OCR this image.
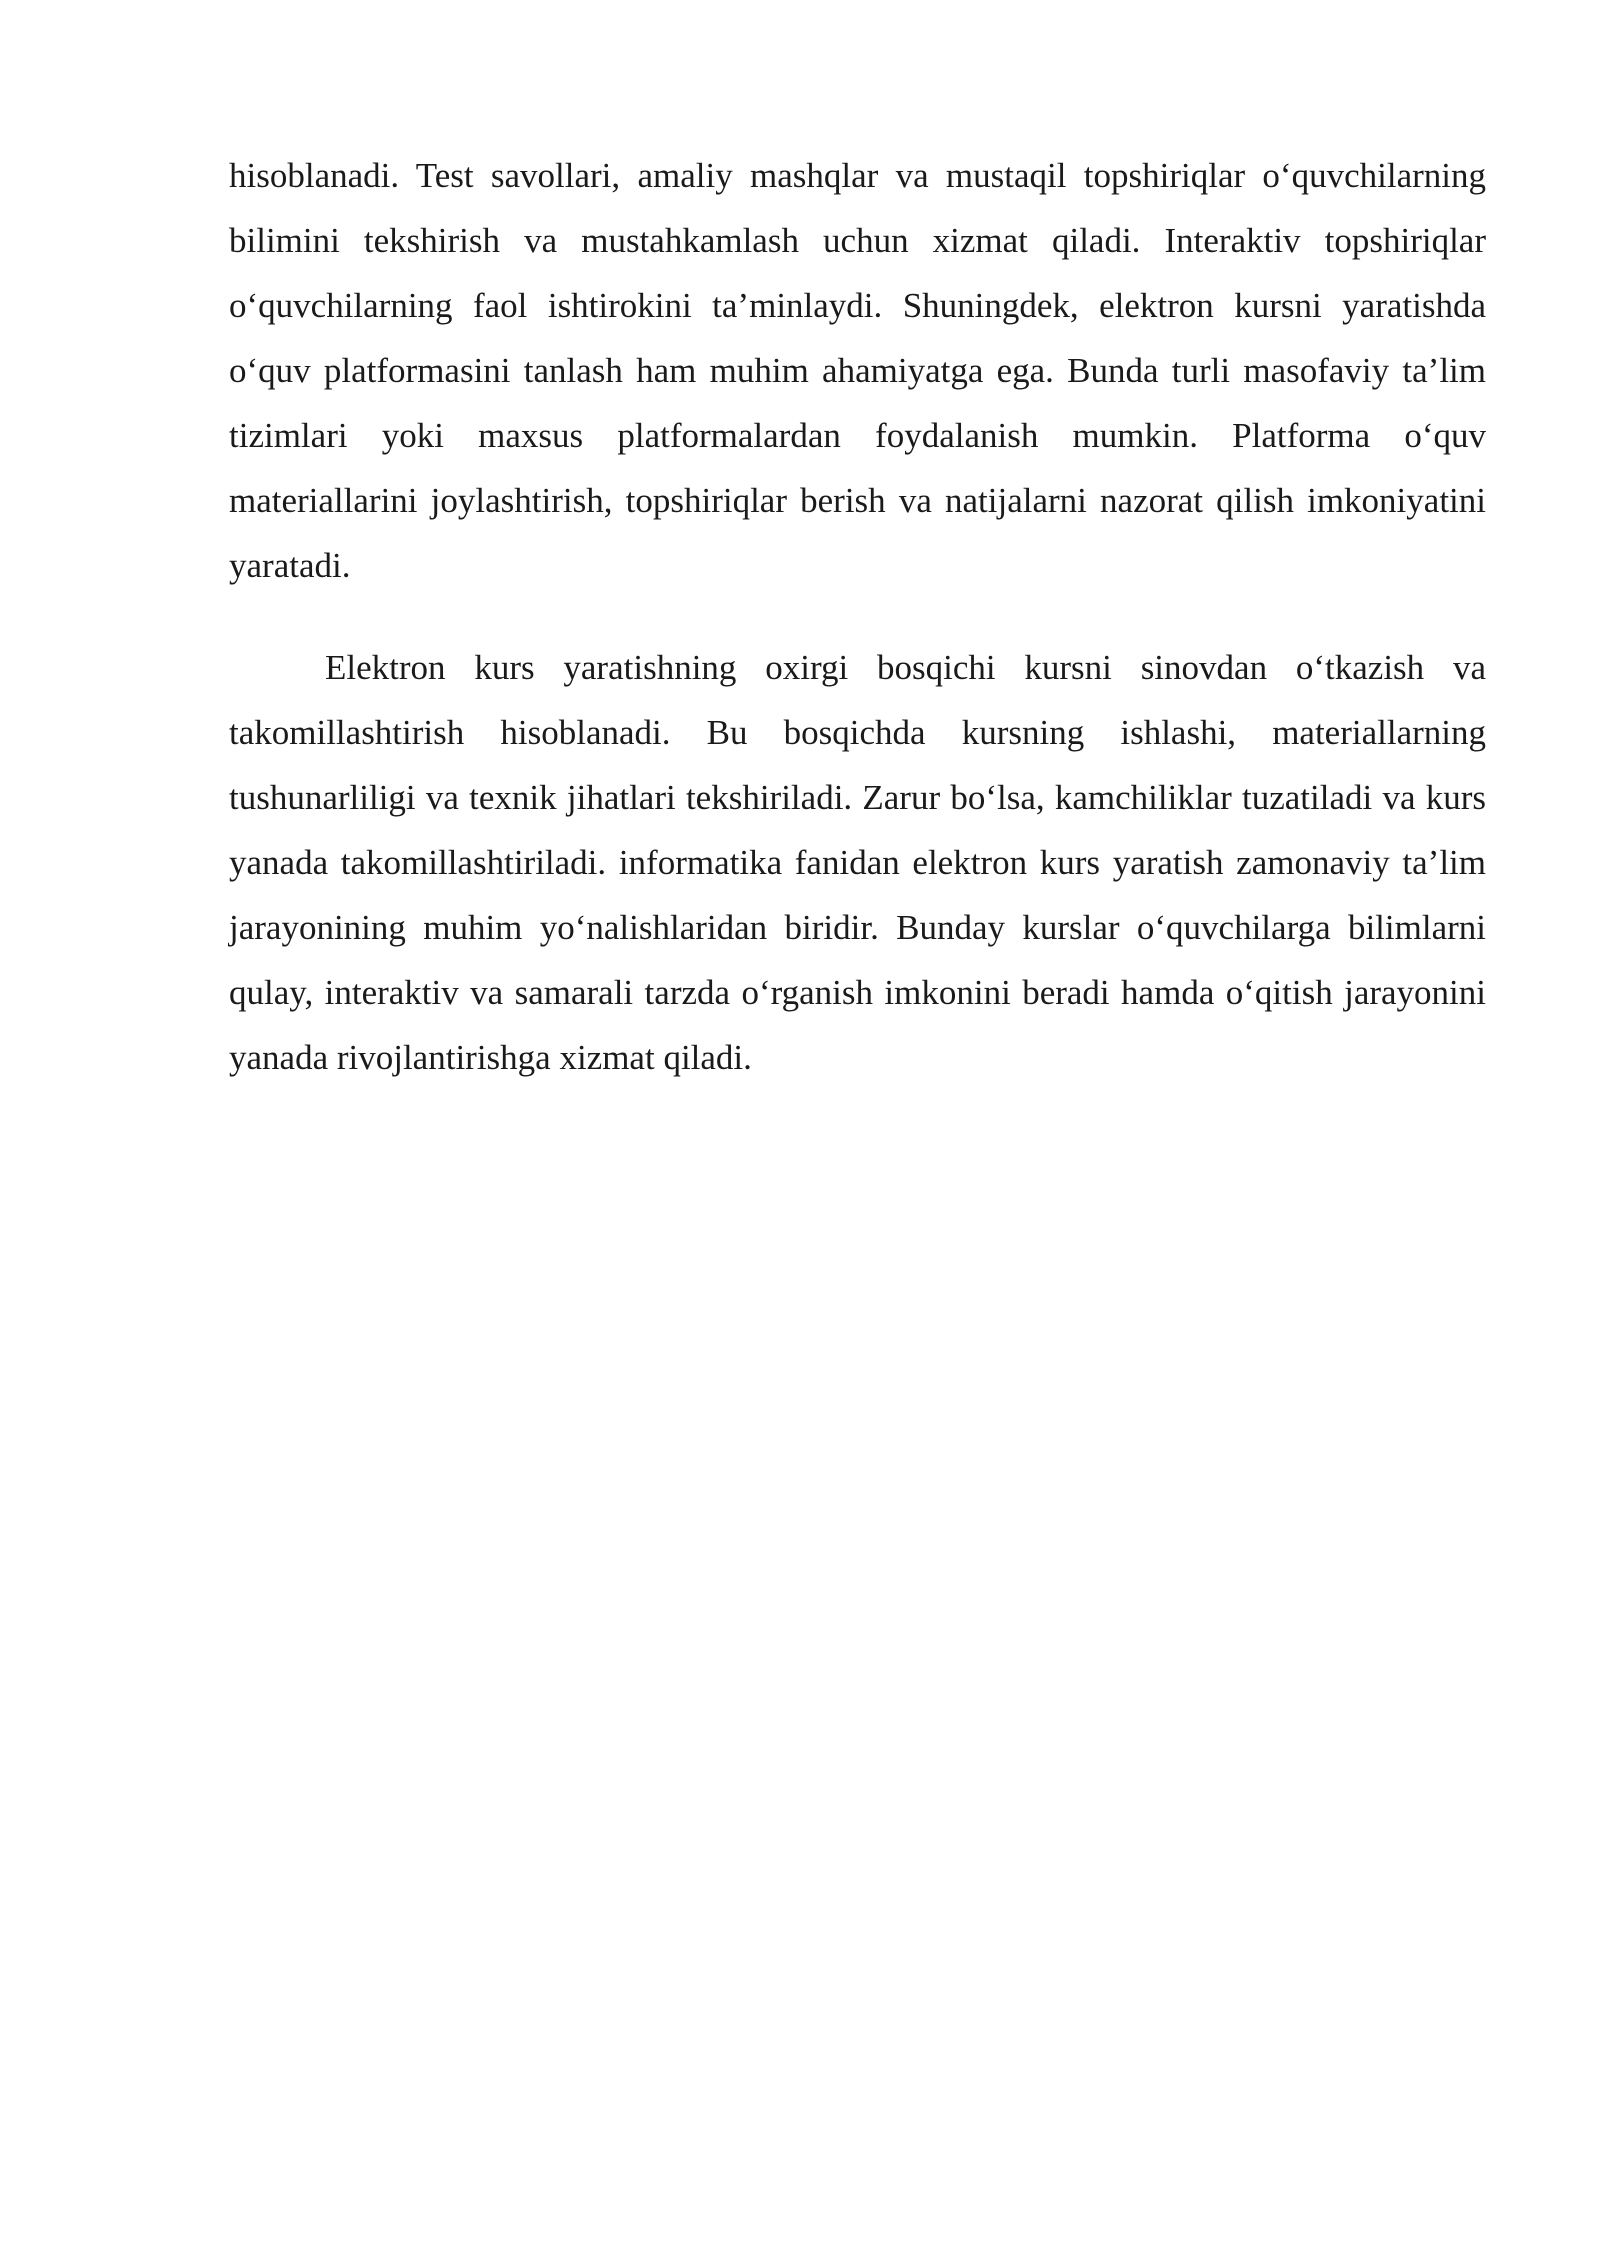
hisoblanadi. Test savollari, amaliy mashqlar va mustaqil topshiriqlar o‘quvchilarning bilimini tekshirish va mustahkamlash uchun xizmat qiladi. Interaktiv topshiriqlar o‘quvchilarning faol ishtirokini ta’minlaydi. Shuningdek, elektron kursni yaratishda o‘quv platformasini tanlash ham muhim ahamiyatga ega. Bunda turli masofaviy ta’lim tizimlari yoki maxsus platformalardan foydalanish mumkin. Platforma o‘quv materiallarini joylashtirish, topshiriqlar berish va natijalarni nazorat qilish imkoniyatini yaratadi.

Elektron kurs yaratishning oxirgi bosqichi kursni sinovdan o‘tkazish va takomillashtirish hisoblanadi. Bu bosqichda kursning ishlashi, materiallarning tushunarliligi va texnik jihatlari tekshiriladi. Zarur bo‘lsa, kamchiliklar tuzatiladi va kurs yanada takomillashtiriladi. informatika fanidan elektron kurs yaratish zamonaviy ta’lim jarayonining muhim yo‘nalishlaridan biridir. Bunday kurslar o‘quvchilarga bilimlarni qulay, interaktiv va samarali tarzda o‘rganish imkonini beradi hamda o‘qitish jarayonini yanada rivojlantirishga xizmat qiladi.
